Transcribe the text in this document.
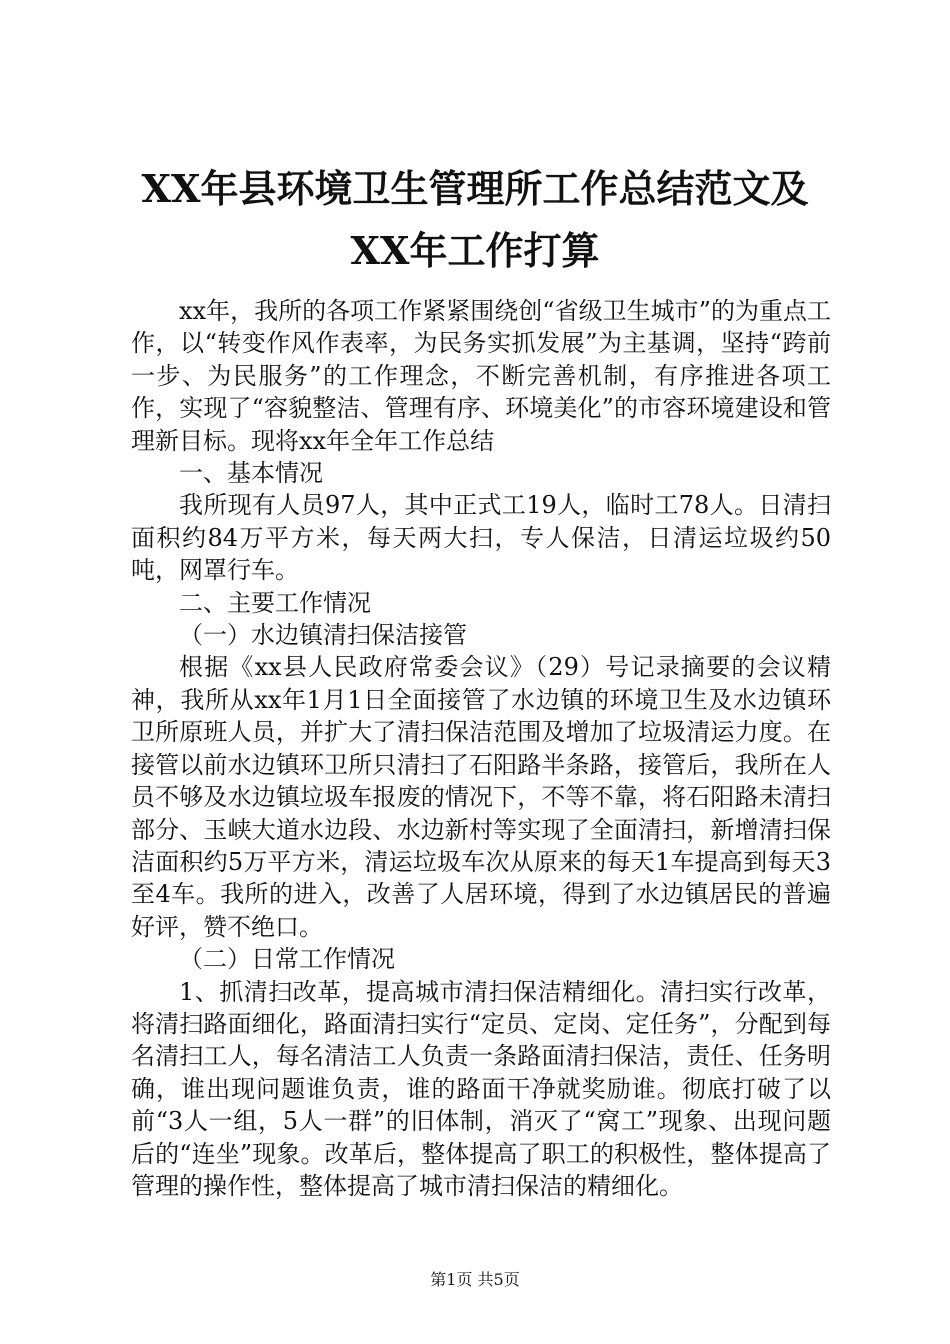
XX年县环境卫生管理所工作总结范文及XX年工作打算

xx年，我所的各项工作紧紧围绕创“省级卫生城市”的为重点工作，以“转变作风作表率，为民务实抓发展”为主基调，坚持“跨前一步、为民服务”的工作理念，不断完善机制，有序推进各项工作，实现了“容貌整洁、管理有序、环境美化”的市容环境建设和管理新目标。现将xx年全年工作总结

一、基本情况

我所现有人员97人，其中正式工19人，临时工78人。日清扫面积约84万平方米，每天两大扫，专人保洁，日清运垃圾约50吨，网罩行车。

二、主要工作情况

（一）水边镇清扫保洁接管

根据《xx县人民政府常委会议》（29）号记录摘要的会议精神，我所从xx年1月1日全面接管了水边镇的环境卫生及水边镇环卫所原班人员，并扩大了清扫保洁范围及增加了垃圾清运力度。在接管以前水边镇环卫所只清扫了石阳路半条路，接管后，我所在人员不够及水边镇垃圾车报废的情况下，不等不靠，将石阳路未清扫部分、玉峡大道水边段、水边新村等实现了全面清扫，新增清扫保洁面积约5万平方米，清运垃圾车次从原来的每天1车提高到每天3至4车。我所的进入，改善了人居环境，得到了水边镇居民的普遍好评，赞不绝口。

（二）日常工作情况

1、抓清扫改革，提高城市清扫保洁精细化。清扫实行改革，将清扫路面细化，路面清扫实行“定员、定岗、定任务”，分配到每名清扫工人，每名清洁工人负责一条路面清扫保洁，责任、任务明确，谁出现问题谁负责，谁的路面干净就奖励谁。彻底打破了以前“3人一组，5人一群”的旧体制，消灭了“窝工”现象、出现问题后的“连坐”现象。改革后，整体提高了职工的积极性，整体提高了管理的操作性，整体提高了城市清扫保洁的精细化。

第1页 共5页
